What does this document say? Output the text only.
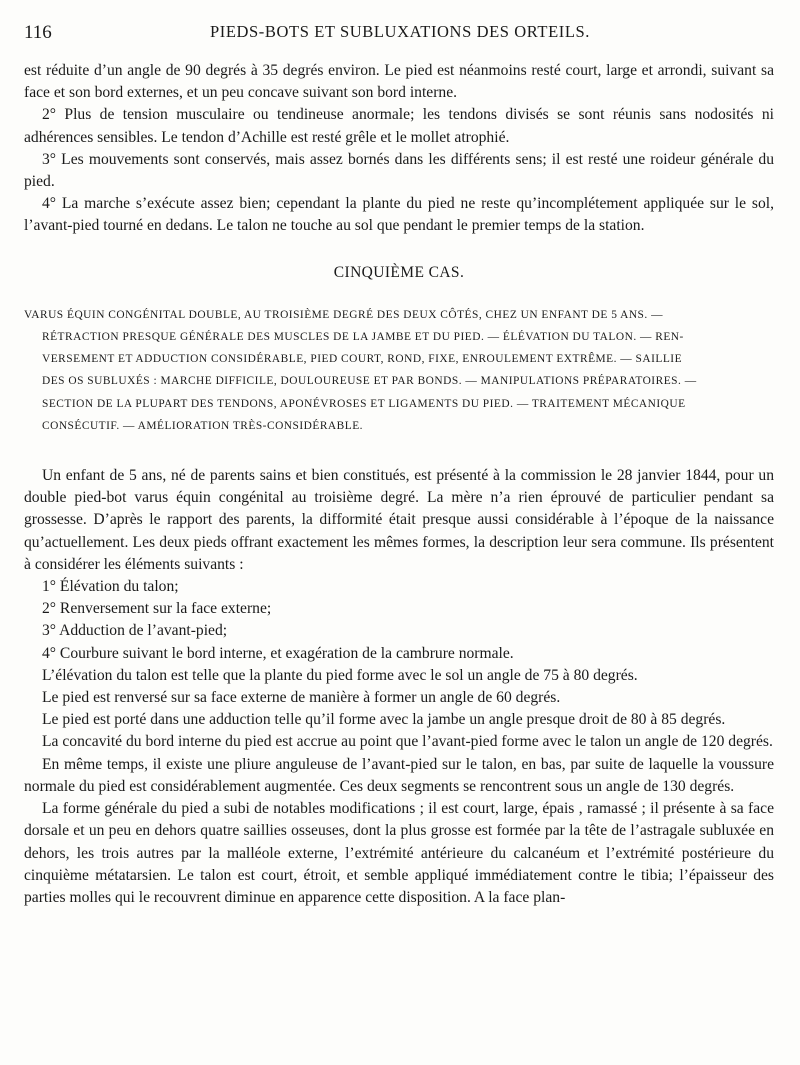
116	PIEDS-BOTS ET SUBLUXATIONS DES ORTEILS.

est réduite d’un angle de 90 degrés à 35 degrés environ. Le pied est néanmoins resté court, large et arrondi, suivant sa face et son bord externes, et un peu concave suivant son bord interne.

2° Plus de tension musculaire ou tendineuse anormale; les tendons divisés se sont réunis sans nodosités ni adhérences sensibles. Le tendon d’Achille est resté grêle et le mollet atrophié.

3° Les mouvements sont conservés, mais assez bornés dans les différents sens; il est resté une roideur générale du pied.

4° La marche s’exécute assez bien; cependant la plante du pied ne reste qu’incomplétement appliquée sur le sol, l’avant-pied tourné en dedans. Le talon ne touche au sol que pendant le premier temps de la station.

CINQUIÈME CAS.
VARUS ÉQUIN CONGÉNITAL DOUBLE, AU TROISIÈME DEGRÉ DES DEUX CÔTÉS, CHEZ UN ENFANT DE 5 ANS. —
RÉTRACTION PRESQUE GÉNÉRALE DES MUSCLES DE LA JAMBE ET DU PIED. — ÉLÉVATION DU TALON. — REN-
VERSEMENT ET ADDUCTION CONSIDÉRABLE, PIED COURT, ROND, FIXE, ENROULEMENT EXTRÊME. — SAILLIE
DES OS SUBLUXÉS : MARCHE DIFFICILE, DOULOUREUSE ET PAR BONDS. — MANIPULATIONS PRÉPARATOIRES. —
SECTION DE LA PLUPART DES TENDONS, APONÉVROSES ET LIGAMENTS DU PIED. — TRAITEMENT MÉCANIQUE
CONSÉCUTIF. — AMÉLIORATION TRÈS-CONSIDÉRABLE.

Un enfant de 5 ans, né de parents sains et bien constitués, est présenté à la commission le 28 janvier 1844, pour un double pied-bot varus équin congénital au troisième degré. La mère n’a rien éprouvé de particulier pendant sa grossesse. D’après le rapport des parents, la difformité était presque aussi considérable à l’époque de la naissance qu’actuellement. Les deux pieds offrant exactement les mêmes formes, la description leur sera commune. Ils présentent à considérer les éléments suivants :

1° Élévation du talon;

2° Renversement sur la face externe;

3° Adduction de l’avant-pied;

4° Courbure suivant le bord interne, et exagération de la cambrure normale.

L’élévation du talon est telle que la plante du pied forme avec le sol un angle de 75 à 80 degrés.

Le pied est renversé sur sa face externe de manière à former un angle de 60 degrés.

Le pied est porté dans une adduction telle qu’il forme avec la jambe un angle presque droit de 80 à 85 degrés.

La concavité du bord interne du pied est accrue au point que l’avant-pied forme avec le talon un angle de 120 degrés.

En même temps, il existe une pliure anguleuse de l’avant-pied sur le talon, en bas, par suite de laquelle la voussure normale du pied est considérablement augmentée. Ces deux segments se rencontrent sous un angle de 130 degrés.

La forme générale du pied a subi de notables modifications ; il est court, large, épais , ramassé ; il présente à sa face dorsale et un peu en dehors quatre saillies osseuses, dont la plus grosse est formée par la tête de l’astragale subluxée en dehors, les trois autres par la malléole externe, l’extrémité antérieure du calcanéum et l’extrémité postérieure du cinquième métatarsien. Le talon est court, étroit, et semble appliqué immédiatement contre le tibia; l’épaisseur des parties molles qui le recouvrent diminue en apparence cette disposition. A la face plan-
